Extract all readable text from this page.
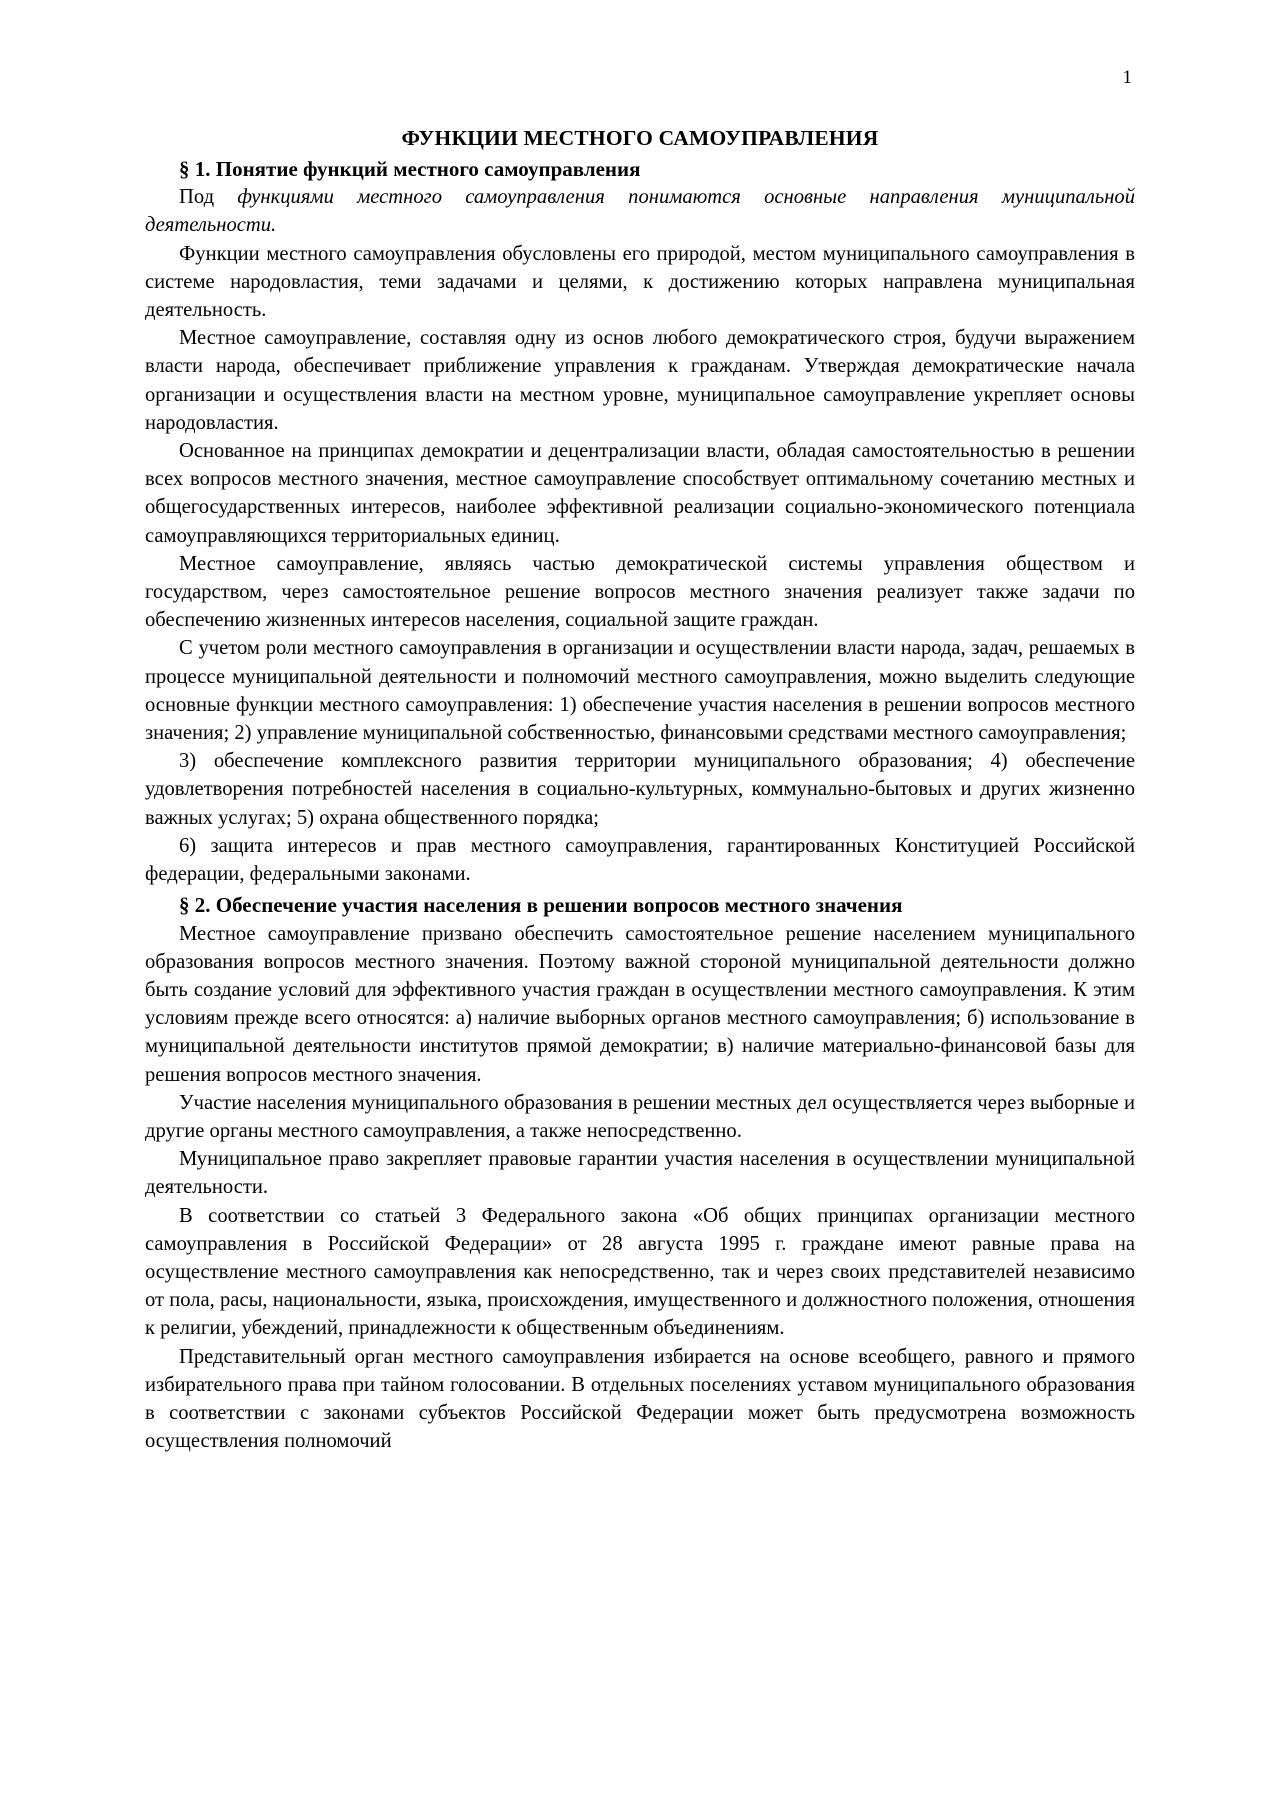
1
ФУНКЦИИ МЕСТНОГО САМОУПРАВЛЕНИЯ
§ 1. Понятие функций местного самоуправления

Под функциями местного самоуправления понимаются основные направления муниципальной деятельности.

Функции местного самоуправления обусловлены его природой, местом муниципального самоуправления в системе народовластия, теми задачами и целями, к достижению которых направлена муниципальная деятельность.

Местное самоуправление, составляя одну из основ любого демократического строя, будучи выражением власти народа, обеспечивает приближение управления к гражданам. Утверждая демократические начала организации и осуществления власти на местном уровне, муниципальное самоуправление укрепляет основы народовластия.

Основанное на принципах демократии и децентрализации власти, обладая самостоятельностью в решении всех вопросов местного значения, местное самоуправление способствует оптимальному сочетанию местных и общегосударственных интересов, наиболее эффективной реализации социально-экономического потенциала самоуправляющихся территориальных единиц.

Местное самоуправление, являясь частью демократической системы управления обществом и государством, через самостоятельное решение вопросов местного значения реализует также задачи по обеспечению жизненных интересов населения, социальной защите граждан.

С учетом роли местного самоуправления в организации и осуществлении власти народа, задач, решаемых в процессе муниципальной деятельности и полномочий местного самоуправления, можно выделить следующие основные функции местного самоуправления: 1) обеспечение участия населения в решении вопросов местного значения; 2) управление муниципальной собственностью, финансовыми средствами местного самоуправления;

3) обеспечение комплексного развития территории муниципального образования; 4) обеспечение удовлетворения потребностей населения в социально-культурных, коммунально-бытовых и других жизненно важных услугах; 5) охрана общественного порядка;

6) защита интересов и прав местного самоуправления, гарантированных Конституцией Российской федерации, федеральными законами.

§ 2. Обеспечение участия населения в решении вопросов местного значения

Местное самоуправление призвано обеспечить самостоятельное решение населением муниципального образования вопросов местного значения. Поэтому важной стороной муниципальной деятельности должно быть создание условий для эффективного участия граждан в осуществлении местного самоуправления. К этим условиям прежде всего относятся: а) наличие выборных органов местного самоуправления; б) использование в муниципальной деятельности институтов прямой демократии; в) наличие материально-финансовой базы для решения вопросов местного значения.

Участие населения муниципального образования в решении местных дел осуществляется через выборные и другие органы местного самоуправления, а также непосредственно.

Муниципальное право закрепляет правовые гарантии участия населения в осуществлении муниципальной деятельности.

В соответствии со статьей 3 Федерального закона «Об общих принципах организации местного самоуправления в Российской Федерации» от 28 августа 1995 г. граждане имеют равные права на осуществление местного самоуправления как непосредственно, так и через своих представителей независимо от пола, расы, национальности, языка, происхождения, имущественного и должностного положения, отношения к религии, убеждений, принадлежности к общественным объединениям.

Представительный орган местного самоуправления избирается на основе всеобщего, равного и прямого избирательного права при тайном голосовании. В отдельных поселениях уставом муниципального образования в соответствии с законами субъектов Российской Федерации может быть предусмотрена возможность осуществления полномочий
